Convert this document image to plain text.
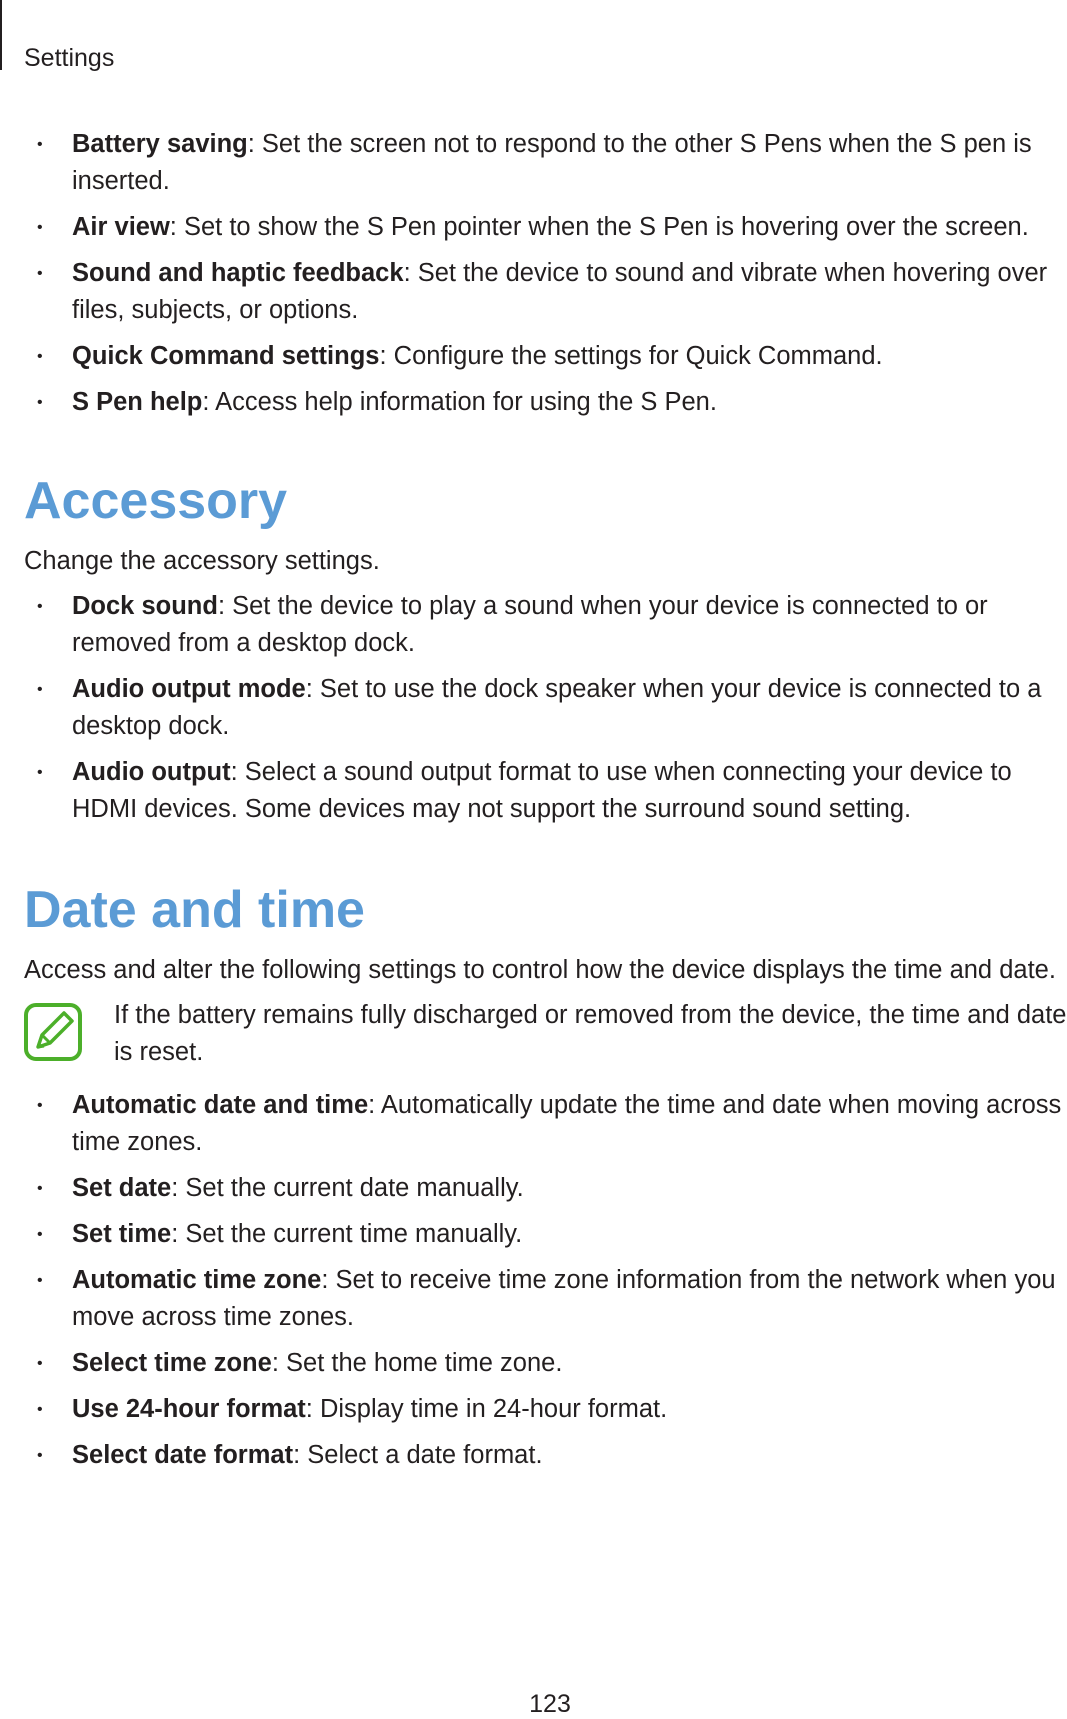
Settings
• Battery saving: Set the screen not to respond to the other S Pens when the S pen is inserted.
• Air view: Set to show the S Pen pointer when the S Pen is hovering over the screen.
• Sound and haptic feedback: Set the device to sound and vibrate when hovering over files, subjects, or options.
• Quick Command settings: Configure the settings for Quick Command.
• S Pen help: Access help information for using the S Pen.
Accessory

Change the accessory settings.

• Dock sound: Set the device to play a sound when your device is connected to or removed from a desktop dock.
• Audio output mode: Set to use the dock speaker when your device is connected to a desktop dock.
• Audio output: Select a sound output format to use when connecting your device to HDMI devices. Some devices may not support the surround sound setting.
Date and time

Access and alter the following settings to control how the device displays the time and date.

If the battery remains fully discharged or removed from the device, the time and date is reset.
• Automatic date and time: Automatically update the time and date when moving across time zones.
• Set date: Set the current date manually.
• Set time: Set the current time manually.
• Automatic time zone: Set to receive time zone information from the network when you move across time zones.
• Select time zone: Set the home time zone.
• Use 24-hour format: Display time in 24-hour format.
• Select date format: Select a date format.
123
